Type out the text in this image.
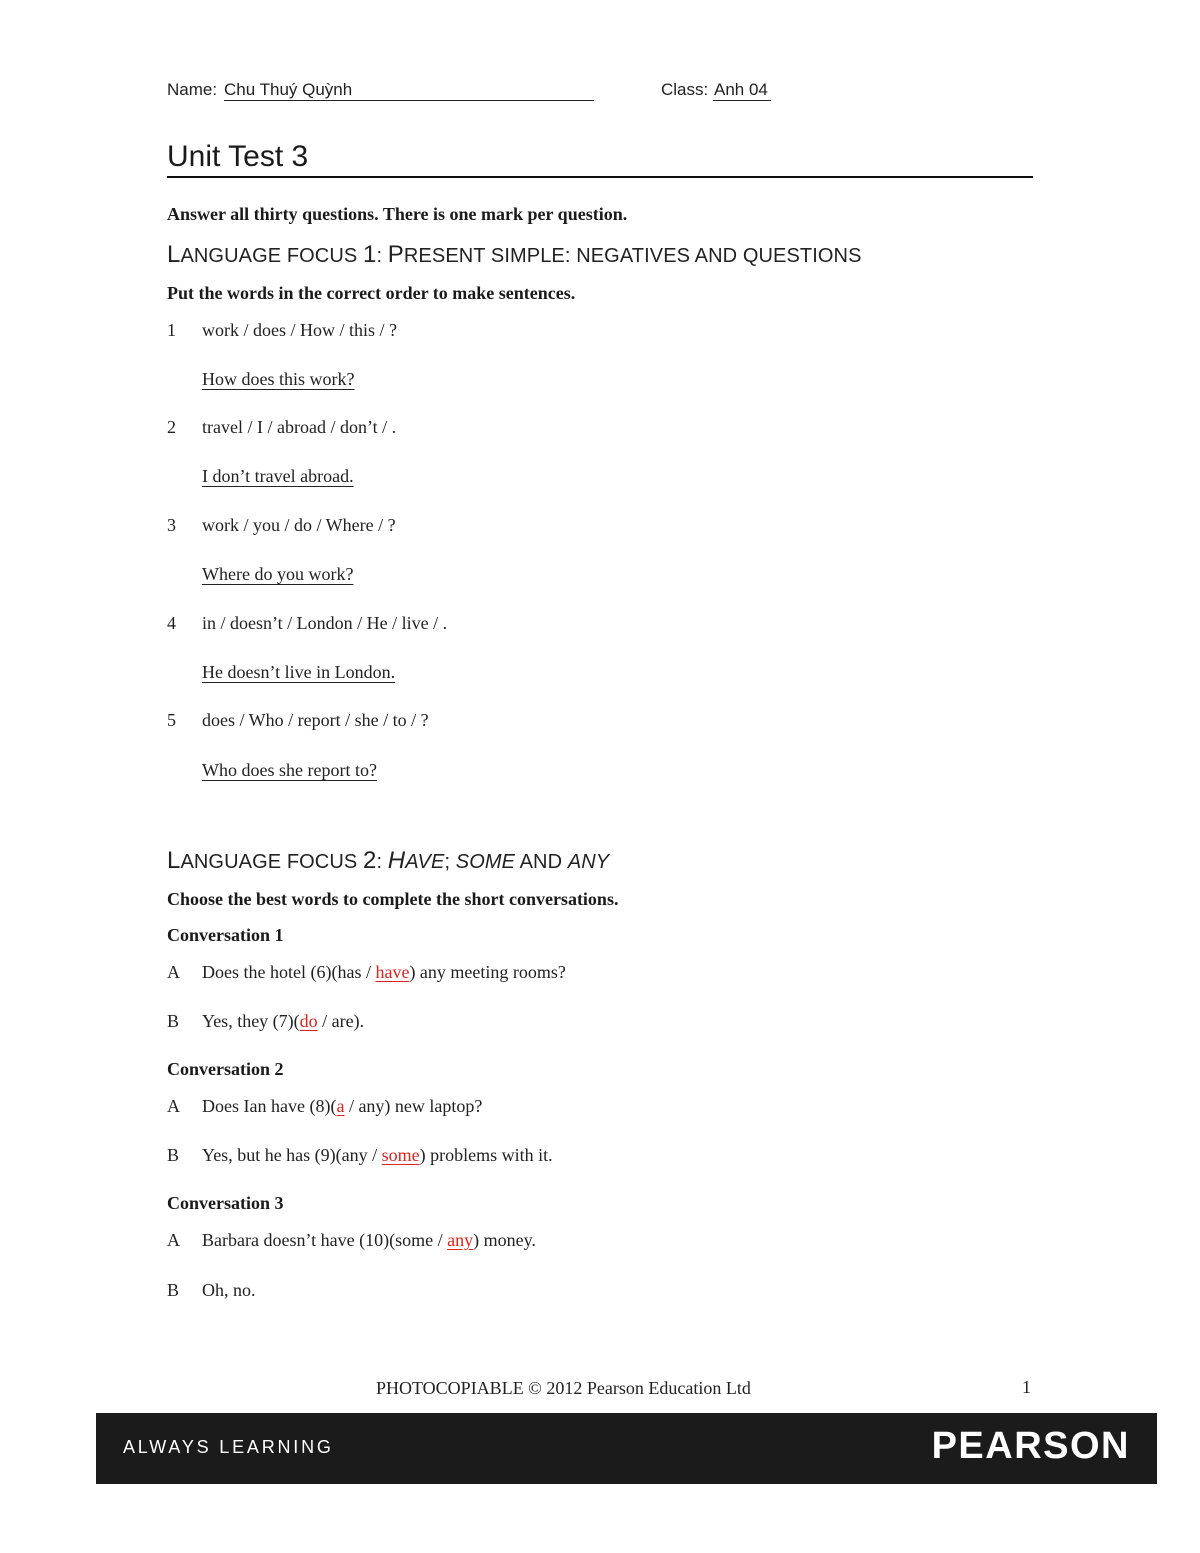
Name: Chu Thuý Quỳnh	Class: Anh 04
Unit Test 3
Answer all thirty questions. There is one mark per question.
LANGUAGE FOCUS 1: PRESENT SIMPLE: NEGATIVES AND QUESTIONS
Put the words in the correct order to make sentences.
1 work / does / How / this / ?
How does this work?
2 travel / I / abroad / don’t / .
I don’t travel abroad.
3 work / you / do / Where / ?
Where do you work?
4 in / doesn’t / London / He / live / .
He doesn’t live in London.
5 does / Who / report / she / to / ?
Who does she report to?
LANGUAGE FOCUS 2: HAVE; SOME AND ANY
Choose the best words to complete the short conversations.
Conversation 1
A Does the hotel (6)(has / have) any meeting rooms?
B Yes, they (7)(do / are).
Conversation 2
A Does Ian have (8)(a / any) new laptop?
B Yes, but he has (9)(any / some) problems with it.
Conversation 3
A Barbara doesn’t have (10)(some / any) money.
B Oh, no.
PHOTOCOPIABLE © 2012 Pearson Education Ltd	1
ALWAYS LEARNING	PEARSON
